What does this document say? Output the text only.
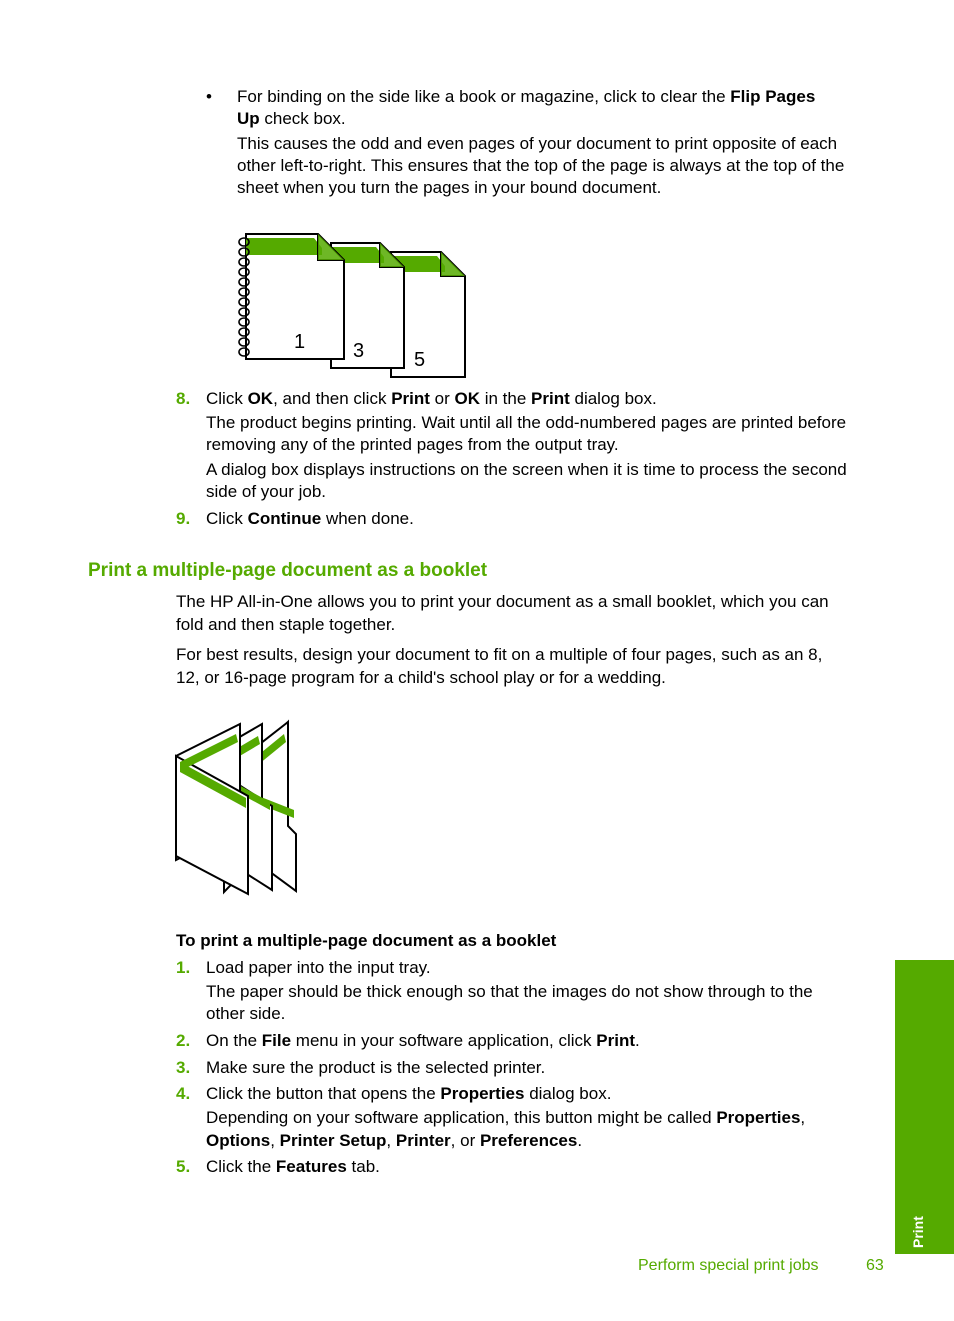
• For binding on the side like a book or magazine, click to clear the Flip Pages
Up check box.
This causes the odd and even pages of your document to print opposite of each
other left-to-right. This ensures that the top of the page is always at the top of the
sheet when you turn the pages in your bound document.
1 3 5
8. Click OK, and then click Print or OK in the Print dialog box.
The product begins printing. Wait until all the odd-numbered pages are printed before
removing any of the printed pages from the output tray.
A dialog box displays instructions on the screen when it is time to process the second
side of your job.
9. Click Continue when done.
Print a multiple-page document as a booklet
The HP All-in-One allows you to print your document as a small booklet, which you can
fold and then staple together.
For best results, design your document to fit on a multiple of four pages, such as an 8,
12, or 16-page program for a child's school play or for a wedding.
To print a multiple-page document as a booklet
1. Load paper into the input tray.
The paper should be thick enough so that the images do not show through to the
other side.
2. On the File menu in your software application, click Print.
3. Make sure the product is the selected printer.
4. Click the button that opens the Properties dialog box.
Depending on your software application, this button might be called Properties,
Options, Printer Setup, Printer, or Preferences.
5. Click the Features tab.
Print
Perform special print jobs	63
